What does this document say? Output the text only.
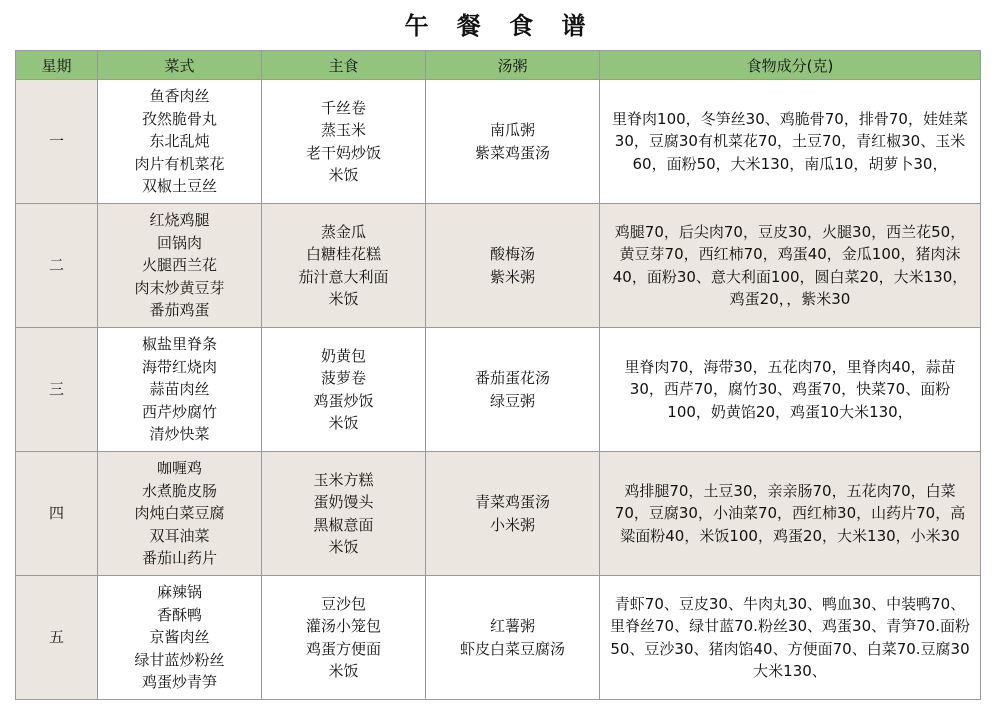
午 餐 食 谱
星期	菜式	主食	汤粥	食物成分(克)
一	鱼香肉丝
孜然脆骨丸
东北乱炖
肉片有机菜花
双椒土豆丝	千丝卷
蒸玉米
老干妈炒饭
米饭	南瓜粥
紫菜鸡蛋汤	里脊肉100，冬笋丝30、鸡脆骨70，排骨70，娃娃菜30，豆腐30有机菜花70，土豆70，青红椒30、玉米60，面粉50，大米130，南瓜10，胡萝卜30，
二	红烧鸡腿
回锅肉
火腿西兰花
肉末炒黄豆芽
番茄鸡蛋	蒸金瓜
白糖桂花糕
茄汁意大利面
米饭	酸梅汤
紫米粥	鸡腿70，后尖肉70，豆皮30，火腿30，西兰花50，黄豆芽70，西红柿70，鸡蛋40，金瓜100，猪肉沫40，面粉30、意大利面100，圆白菜20，大米130，鸡蛋20，，紫米30
三	椒盐里脊条
海带红烧肉
蒜苗肉丝
西芹炒腐竹
清炒快菜	奶黄包
菠萝卷
鸡蛋炒饭
米饭	番茄蛋花汤
绿豆粥	里脊肉70，海带30，五花肉70，里脊肉40，蒜苗30，西芹70，腐竹30、鸡蛋70，快菜70、面粉100，奶黄馅20，鸡蛋10大米130，
四	咖喱鸡
水煮脆皮肠
肉炖白菜豆腐
双耳油菜
番茄山药片	玉米方糕
蛋奶馒头
黑椒意面
米饭	青菜鸡蛋汤
小米粥	鸡排腿70，土豆30，亲亲肠70，五花肉70，白菜70，豆腐30，小油菜70，西红柿30，山药片70，高粱面粉40，米饭100，鸡蛋20，大米130，小米30
五	麻辣锅
香酥鸭
京酱肉丝
绿甘蓝炒粉丝
鸡蛋炒青笋	豆沙包
灌汤小笼包
鸡蛋方便面
米饭	红薯粥
虾皮白菜豆腐汤	青虾70、豆皮30、牛肉丸30、鸭血30、中装鸭70、里脊丝70、绿甘蓝70.粉丝30、鸡蛋30、青笋70.面粉50、豆沙30、猪肉馅40、方便面70、白菜70.豆腐30大米130、
